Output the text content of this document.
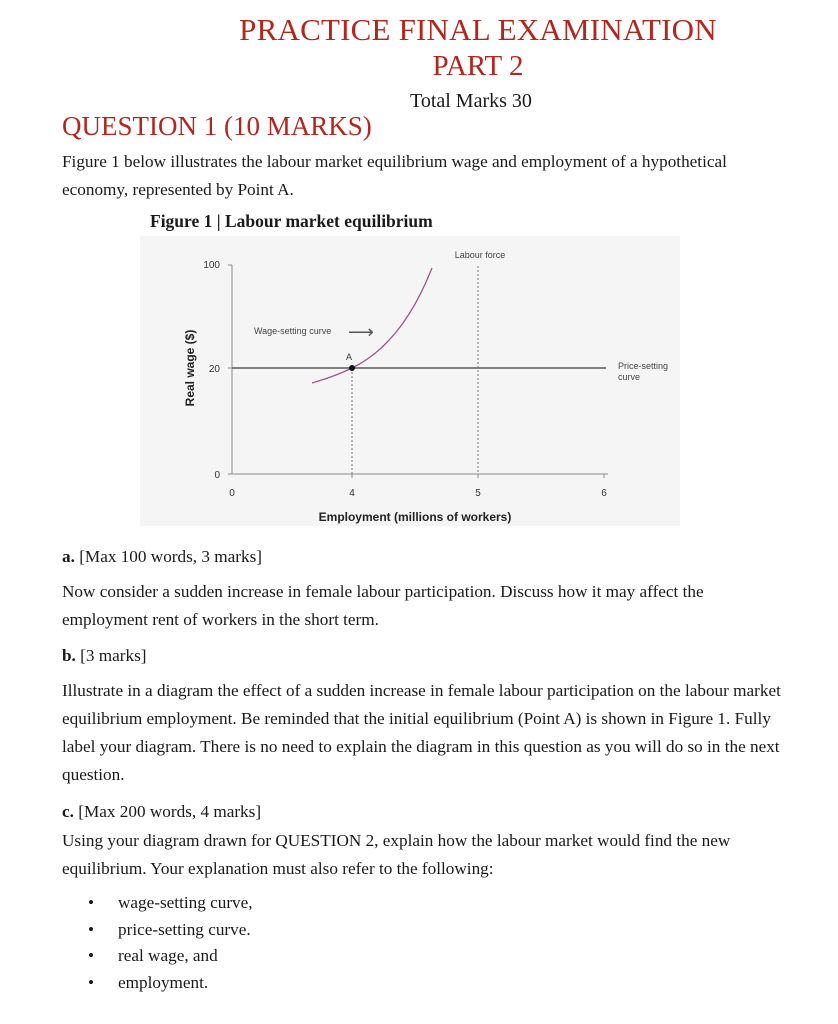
PRACTICE FINAL EXAMINATION
PART 2
Total Marks 30
QUESTION 1 (10 MARKS)
Figure 1 below illustrates the labour market equilibrium wage and employment of a hypothetical economy, represented by Point A.
Figure 1 | Labour market equilibrium
100
20
0
0	4	5	6
Real wage ($)
Employment (millions of workers)
Price-setting
curve
Labour force
Wage-setting curve ⟶
A
a. [Max 100 words, 3 marks]
Now consider a sudden increase in female labour participation. Discuss how it may affect the employment rent of workers in the short term.
b. [3 marks]
Illustrate in a diagram the effect of a sudden increase in female labour participation on the labour market equilibrium employment. Be reminded that the initial equilibrium (Point A) is shown in Figure 1. Fully label your diagram. There is no need to explain the diagram in this question as you will do so in the next question.
c. [Max 200 words, 4 marks]
Using your diagram drawn for QUESTION 2, explain how the labour market would find the new equilibrium. Your explanation must also refer to the following:
• wage-setting curve,
• price-setting curve.
• real wage, and
• employment.
